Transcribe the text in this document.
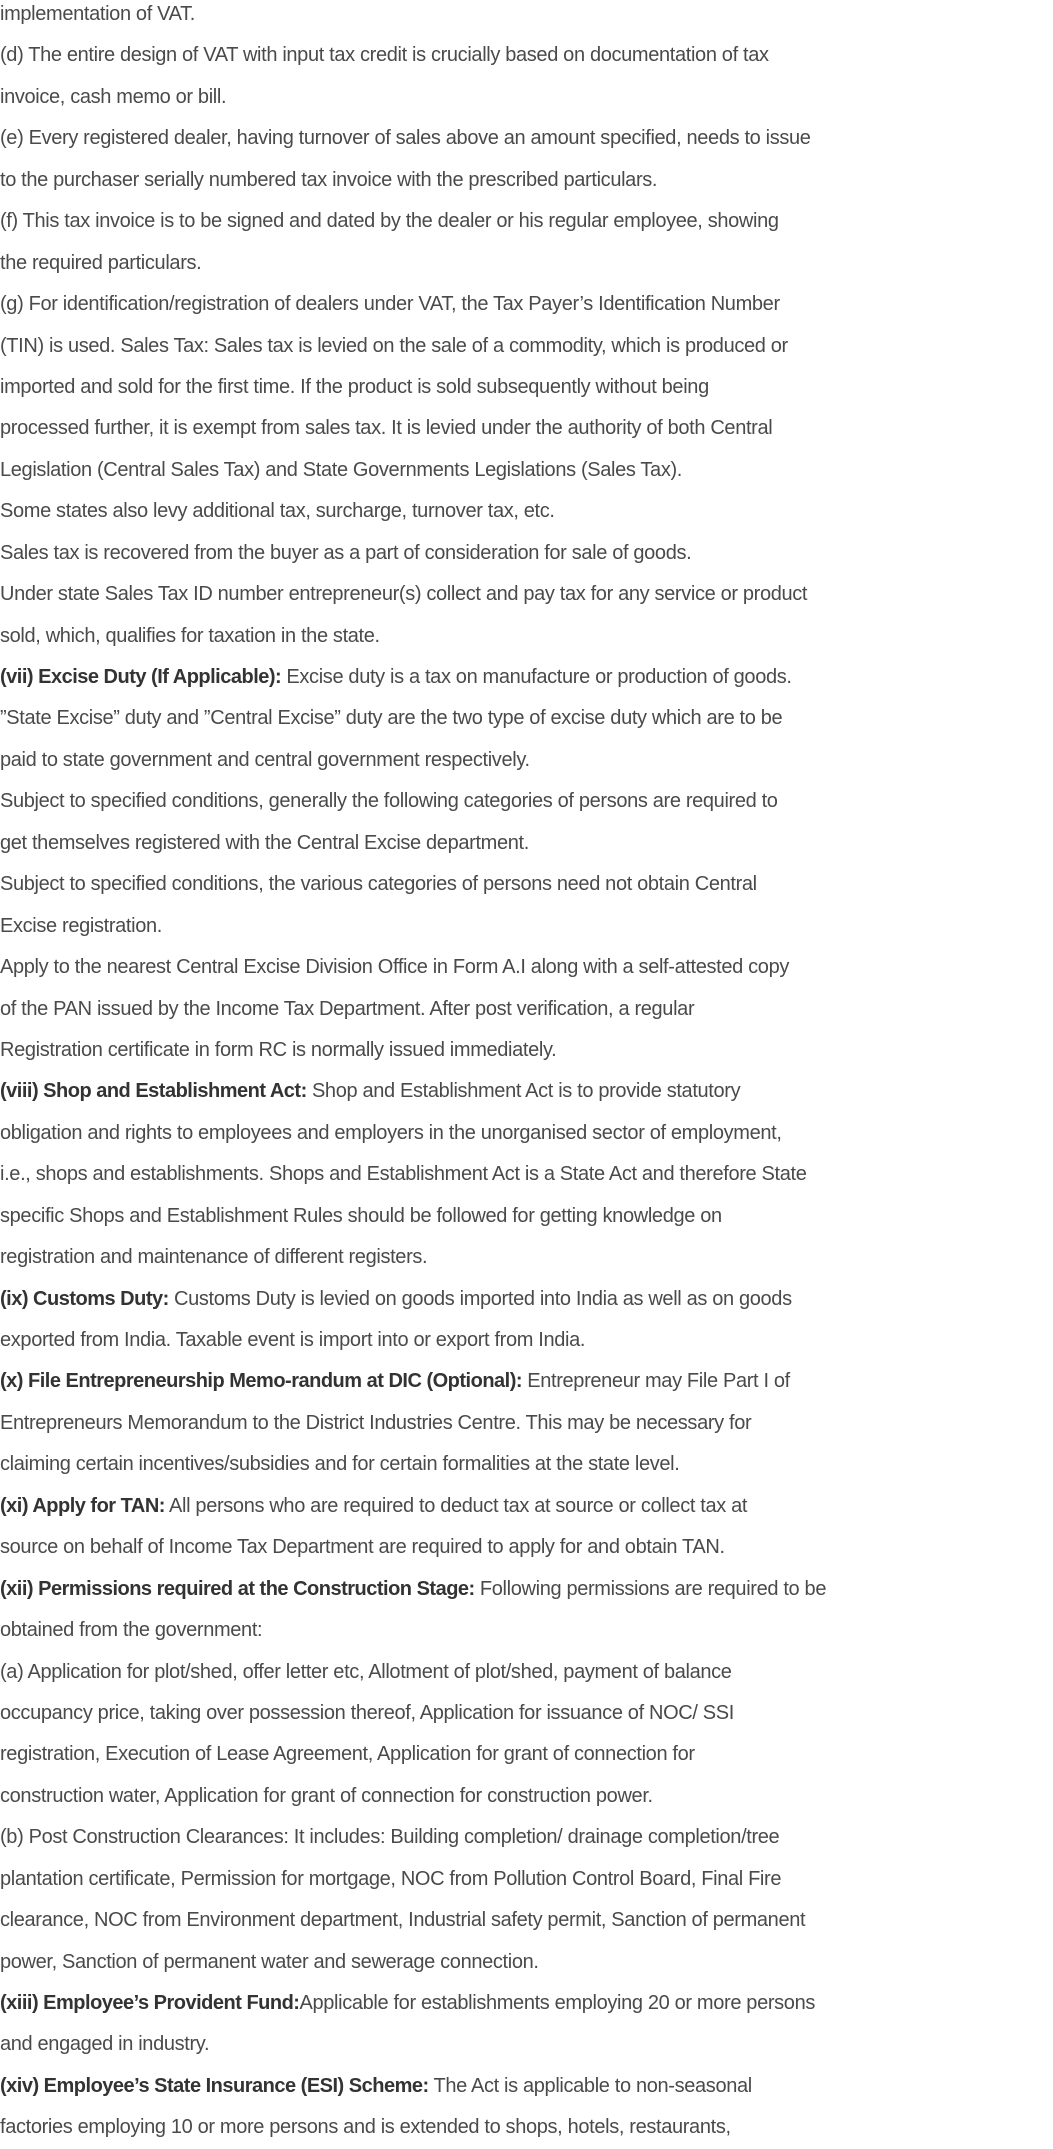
implementation of VAT.
(d) The entire design of VAT with input tax credit is crucially based on documentation of tax
invoice, cash memo or bill.
(e) Every registered dealer, having turnover of sales above an amount specified, needs to issue
to the purchaser serially numbered tax invoice with the prescribed particulars.
(f) This tax invoice is to be signed and dated by the dealer or his regular employee, showing
the required particulars.
(g) For identification/registration of dealers under VAT, the Tax Payer’s Identification Number
(TIN) is used. Sales Tax: Sales tax is levied on the sale of a commodity, which is produced or
imported and sold for the first time. If the product is sold subsequently without being
processed further, it is exempt from sales tax. It is levied under the authority of both Central
Legislation (Central Sales Tax) and State Governments Legislations (Sales Tax).
Some states also levy additional tax, surcharge, turnover tax, etc.
Sales tax is recovered from the buyer as a part of consideration for sale of goods.
Under state Sales Tax ID number entrepreneur(s) collect and pay tax for any service or product
sold, which, qualifies for taxation in the state.
(vii) Excise Duty (If Applicable): Excise duty is a tax on manufacture or production of goods.
”State Excise” duty and ”Central Excise” duty are the two type of excise duty which are to be
paid to state government and central government respectively.
Subject to specified conditions, generally the following categories of persons are required to
get themselves registered with the Central Excise department.
Subject to specified conditions, the various categories of persons need not obtain Central
Excise registration.
Apply to the nearest Central Excise Division Office in Form A.I along with a self-attested copy
of the PAN issued by the Income Tax Department. After post verification, a regular
Registration certificate in form RC is normally issued immediately.
(viii) Shop and Establishment Act: Shop and Establishment Act is to provide statutory
obligation and rights to employees and employers in the unorganised sector of employment,
i.e., shops and establishments. Shops and Establishment Act is a State Act and therefore State
specific Shops and Establishment Rules should be followed for getting knowledge on
registration and maintenance of different registers.
(ix) Customs Duty: Customs Duty is levied on goods imported into India as well as on goods
exported from India. Taxable event is import into or export from India.
(x) File Entrepreneurship Memo-randum at DIC (Optional): Entrepreneur may File Part I of
Entrepreneurs Memorandum to the District Industries Centre. This may be necessary for
claiming certain incentives/subsidies and for certain formalities at the state level.
(xi) Apply for TAN: All persons who are required to deduct tax at source or collect tax at
source on behalf of Income Tax Department are required to apply for and obtain TAN.
(xii) Permissions required at the Construction Stage: Following permissions are required to be
obtained from the government:
(a) Application for plot/shed, offer letter etc, Allotment of plot/shed, payment of balance
occupancy price, taking over possession thereof, Application for issuance of NOC/ SSI
registration, Execution of Lease Agreement, Application for grant of connection for
construction water, Application for grant of connection for construction power.
(b) Post Construction Clearances: It includes: Building completion/ drainage completion/tree
plantation certificate, Permission for mortgage, NOC from Pollution Control Board, Final Fire
clearance, NOC from Environment department, Industrial safety permit, Sanction of permanent
power, Sanction of permanent water and sewerage connection.
(xiii) Employee’s Provident Fund:Applicable for establishments employing 20 or more persons
and engaged in industry.
(xiv) Employee’s State Insurance (ESI) Scheme: The Act is applicable to non-seasonal
factories employing 10 or more persons and is extended to shops, hotels, restaurants,
